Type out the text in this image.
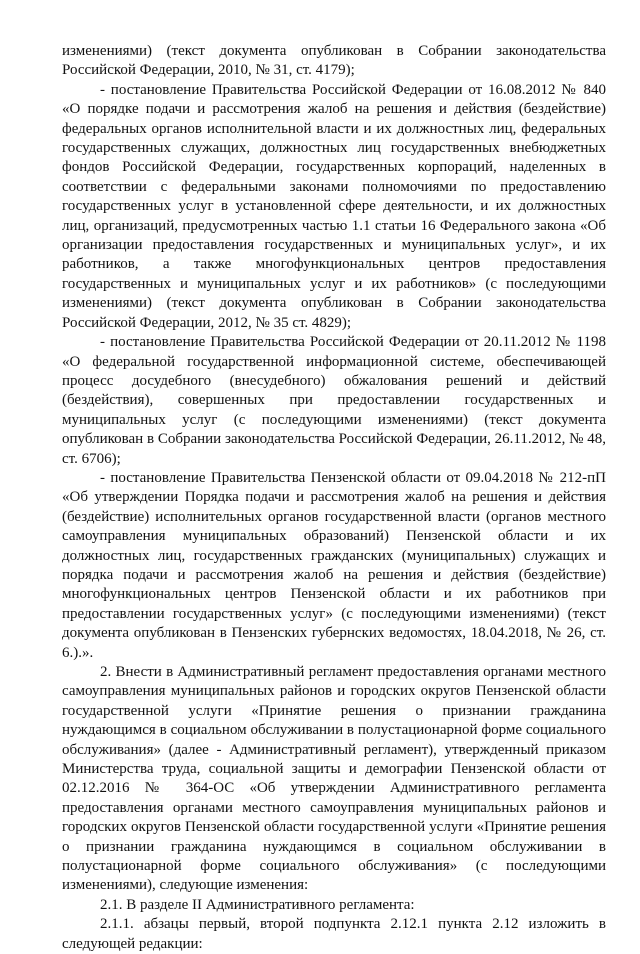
изменениями) (текст документа опубликован в Собрании законодательства Российской Федерации, 2010, № 31, ст. 4179);

- постановление Правительства Российской Федерации от 16.08.2012 № 840 «О порядке подачи и рассмотрения жалоб на решения и действия (бездействие) федеральных органов исполнительной власти и их должностных лиц, федеральных государственных служащих, должностных лиц государственных внебюджетных фондов Российской Федерации, государственных корпораций, наделенных в соответствии с федеральными законами полномочиями по предоставлению государственных услуг в установленной сфере деятельности, и их должностных лиц, организаций, предусмотренных частью 1.1 статьи 16 Федерального закона «Об организации предоставления государственных и муниципальных услуг», и их работников, а также многофункциональных центров предоставления государственных и муниципальных услуг и их работников» (с последующими изменениями) (текст документа опубликован в Собрании законодательства Российской Федерации, 2012, № 35 ст. 4829);

- постановление Правительства Российской Федерации от 20.11.2012 № 1198 «О федеральной государственной информационной системе, обеспечивающей процесс досудебного (внесудебного) обжалования решений и действий (бездействия), совершенных при предоставлении государственных и муниципальных услуг (с последующими изменениями) (текст документа опубликован в Собрании законодательства Российской Федерации, 26.11.2012, № 48, ст. 6706);

- постановление Правительства Пензенской области от 09.04.2018 № 212-пП «Об утверждении Порядка подачи и рассмотрения жалоб на решения и действия (бездействие) исполнительных органов государственной власти (органов местного самоуправления муниципальных образований) Пензенской области и их должностных лиц, государственных гражданских (муниципальных) служащих и порядка подачи и рассмотрения жалоб на решения и действия (бездействие) многофункциональных центров Пензенской области и их работников при предоставлении государственных услуг» (с последующими изменениями) (текст документа опубликован в Пензенских губернских ведомостях, 18.04.2018, № 26, ст. 6.).».

2. Внести в Административный регламент предоставления органами местного самоуправления муниципальных районов и городских округов Пензенской области государственной услуги «Принятие решения о признании гражданина нуждающимся в социальном обслуживании в полустационарной форме социального обслуживания» (далее - Административный регламент), утвержденный приказом Министерства труда, социальной защиты и демографии Пензенской области от 02.12.2016 № 364-ОС «Об утверждении Административного регламента предоставления органами местного самоуправления муниципальных районов и городских округов Пензенской области государственной услуги «Принятие решения о признании гражданина нуждающимся в социальном обслуживании в полустационарной форме социального обслуживания» (с последующими изменениями), следующие изменения:

2.1. В разделе II Административного регламента:

2.1.1. абзацы первый, второй подпункта 2.12.1 пункта 2.12 изложить в следующей редакции:
